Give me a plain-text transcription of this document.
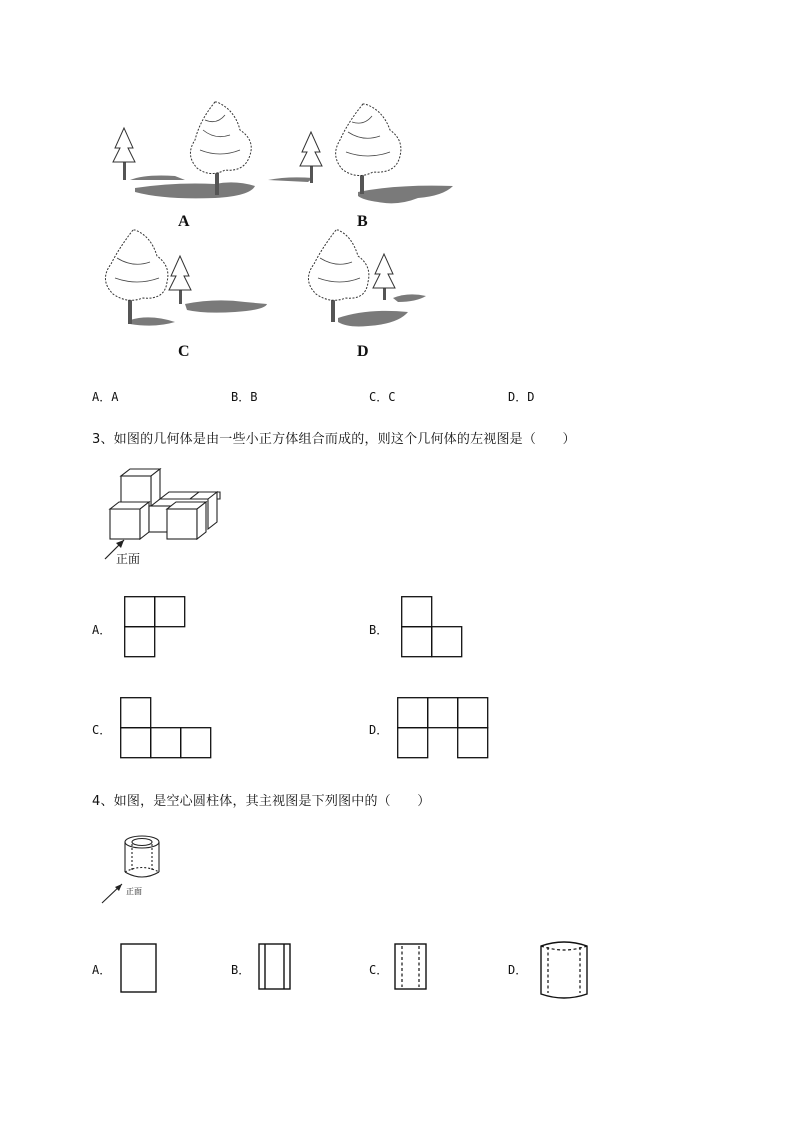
A	B
C	D
A．A	B．B	C．C	D．D
3、如图的几何体是由一些小正方体组合而成的，则这个几何体的左视图是（　　）
正面
A．	B．
C．	D．
4、如图，是空心圆柱体，其主视图是下列图中的（　　）
正面
A．	B．	C．	D．
